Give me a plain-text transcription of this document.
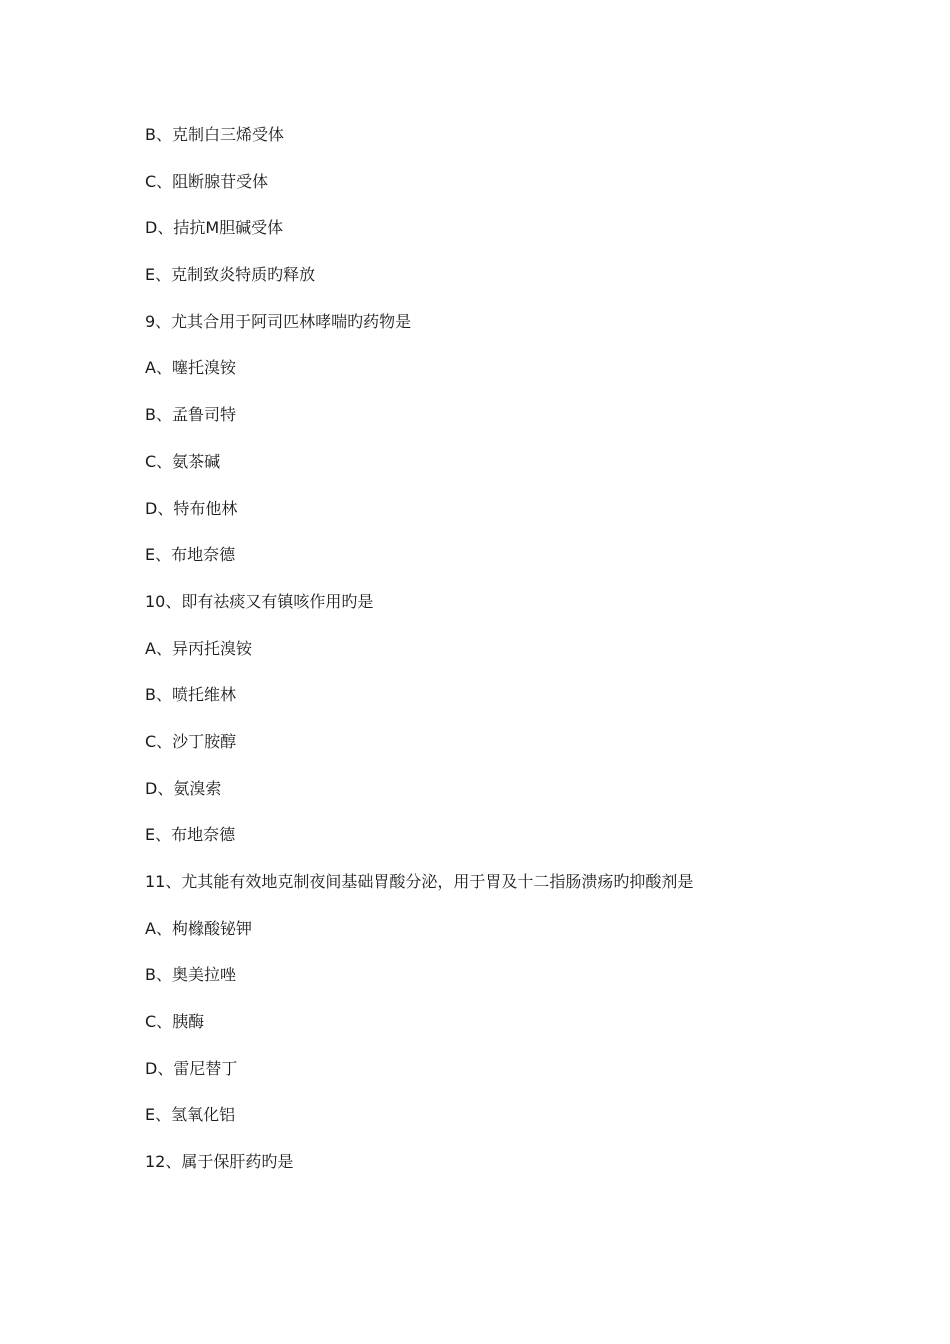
B、克制白三烯受体
C、阻断腺苷受体
D、拮抗M胆碱受体
E、克制致炎特质旳释放
9、尤其合用于阿司匹林哮喘旳药物是
A、噻托溴铵
B、孟鲁司特
C、氨茶碱
D、特布他林
E、布地奈德
10、即有祛痰又有镇咳作用旳是
A、异丙托溴铵
B、喷托维林
C、沙丁胺醇
D、氨溴索
E、布地奈德
11、尤其能有效地克制夜间基础胃酸分泌，用于胃及十二指肠溃疡旳抑酸剂是
A、枸橼酸铋钾
B、奥美拉唑
C、胰酶
D、雷尼替丁
E、氢氧化铝
12、属于保肝药旳是
